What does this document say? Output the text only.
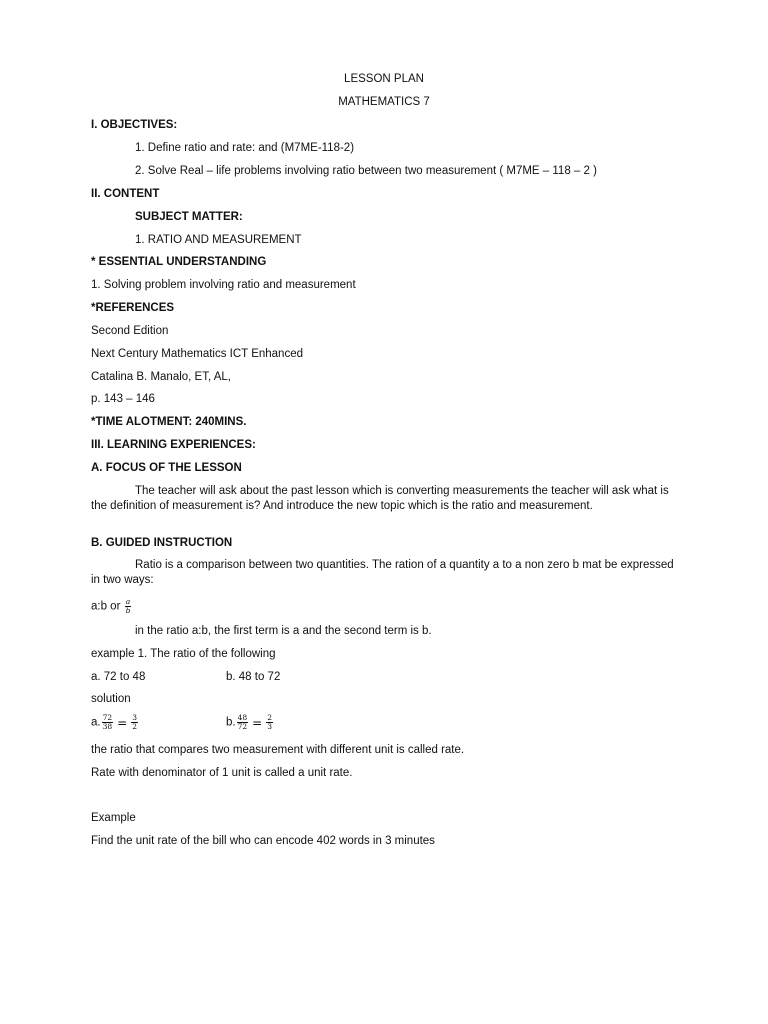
LESSON PLAN
MATHEMATICS 7
I. OBJECTIVES:
1. Define ratio and rate: and (M7ME-118-2)
2. Solve Real – life problems involving ratio between two measurement ( M7ME – 118 – 2 )
II. CONTENT
SUBJECT MATTER:
1. RATIO AND MEASUREMENT
* ESSENTIAL UNDERSTANDING
1. Solving problem involving ratio and measurement
*REFERENCES
Second Edition
Next Century Mathematics ICT Enhanced
Catalina B. Manalo, ET, AL,
p. 143 – 146
*TIME ALOTMENT: 240MINS.
III. LEARNING EXPERIENCES:
A. FOCUS OF THE LESSON
The teacher will ask about the past lesson which is converting measurements the teacher will ask what is the definition of measurement is? And introduce the new topic which is the ratio and measurement.
B. GUIDED INSTRUCTION
Ratio is a comparison between two quantities. The ration of a quantity a to a non zero b mat be expressed in two ways:
a:b or $\frac{a}{b}$
in the ratio a:b, the first term is a and the second term is b.
example 1. The ratio of the following
a. 72 to 48	b. 48 to 72
solution
a. $\frac{72}{38} = \frac{3}{2}$	b. $\frac{48}{72} = \frac{2}{3}$
the ratio that compares two measurement with different unit is called rate.
Rate with denominator of 1 unit is called a unit rate.
Example
Find the unit rate of the bill who can encode 402 words in 3 minutes
